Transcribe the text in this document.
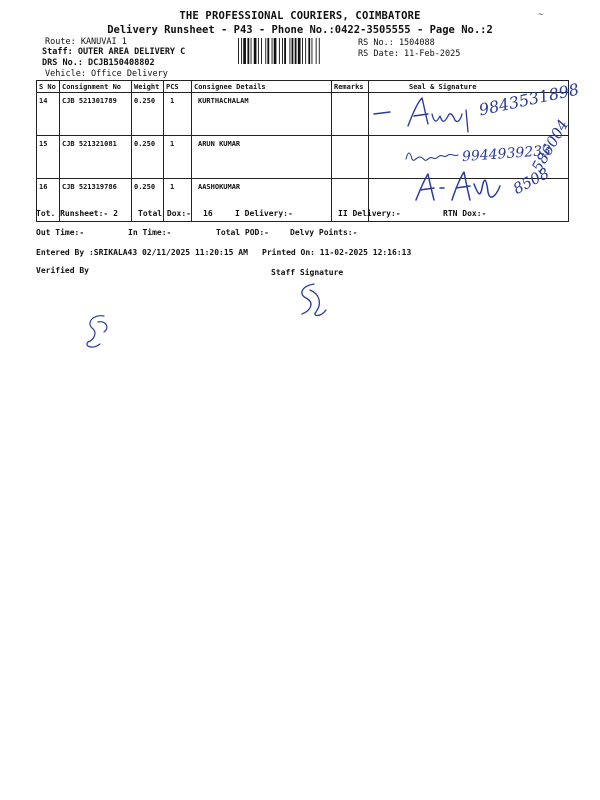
THE PROFESSIONAL COURIERS, COIMBATORE
Delivery Runsheet - P43 - Phone No.:0422-3505555 - Page No.:2
~
Route: KANUVAI 1
Staff: OUTER AREA DELIVERY C
DRS No.: DCJB150408802
Vehicle: Office Delivery
RS No.: 1504088
RS Date: 11-Feb-2025
S No	Consignment No	Weight	PCS	Consignee Details	Remarks	Seal & Signature
14	CJB 521301789	0.250	1	KURTHACHALAM		
15	CJB 521321081	0.250	1	ARUN KUMAR		
16	CJB 521319786	0.250	1	AASHOKUMAR		
Tot. Runsheet:- 2	Total Dox:- 16	I Delivery:-	II Delivery:-	RTN Dox:-
Out Time:-	In Time:-	Total POD:-	Delvy Points:-
Entered By :SRIKALA43 02/11/2025 11:20:15 AM Printed On: 11-02-2025 12:16:13
Verified By	Staff Signature
9843531898
9944939233
8508
586004
